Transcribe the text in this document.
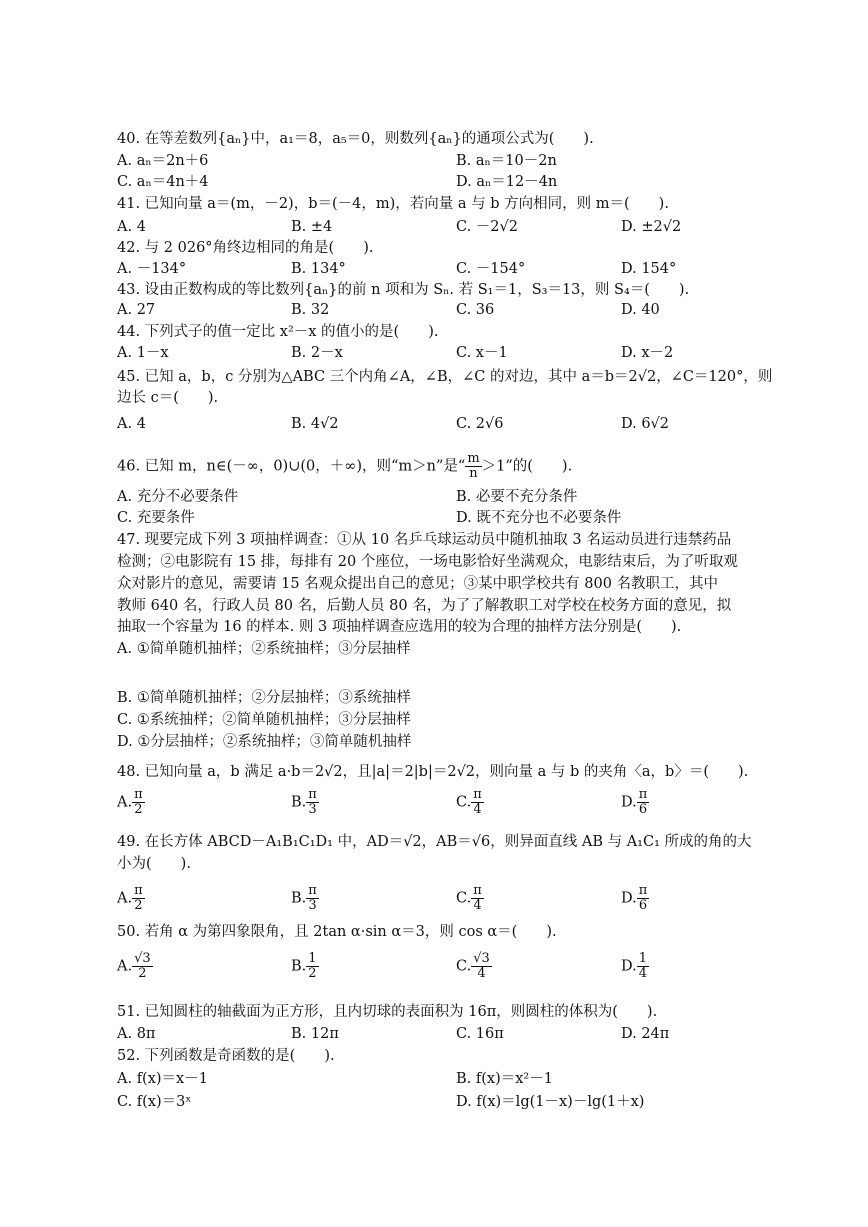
40. 在等差数列{aₙ}中，a₁＝8，a₅＝0，则数列{aₙ}的通项公式为(　　).
A. aₙ＝2n＋6	B. aₙ＝10－2n
C. aₙ＝4n＋4	D. aₙ＝12－4n
41. 已知向量 a＝(m，－2)，b＝(－4，m)，若向量 a 与 b 方向相同，则 m＝(　　).
A. 4	B. ±4	C. －2√2	D. ±2√2
42. 与 2 026°角终边相同的角是(　　).
A. －134°	B. 134°	C. －154°	D. 154°
43. 设由正数构成的等比数列{aₙ}的前 n 项和为 Sₙ. 若 S₁＝1，S₃＝13，则 S₄＝(　　).
A. 27	B. 32	C. 36	D. 40
44. 下列式子的值一定比 x²－x 的值小的是(　　).
A. 1－x	B. 2－x	C. x－1	D. x－2
45. 已知 a，b，c 分别为△ABC 三个内角∠A，∠B，∠C 的对边，其中 a＝b＝2√2，∠C＝120°，则
边长 c＝(　　).
A. 4	B. 4√2	C. 2√6	D. 6√2
46. 已知 m，n∈(－∞，0)∪(0，＋∞)，则“m＞n”是“ $\frac{m}{n} >1$”的(　　).
A. 充分不必要条件	B. 必要不充分条件
C. 充要条件	D. 既不充分也不必要条件
47. 现要完成下列 3 项抽样调查：①从 10 名乒乓球运动员中随机抽取 3 名运动员进行违禁药品
检测；②电影院有 15 排，每排有 20 个座位，一场电影恰好坐满观众，电影结束后，为了听取观
众对影片的意见，需要请 15 名观众提出自己的意见；③某中职学校共有 800 名教职工，其中
教师 640 名，行政人员 80 名，后勤人员 80 名，为了了解教职工对学校在校务方面的意见，拟
抽取一个容量为 16 的样本. 则 3 项抽样调查应选用的较为合理的抽样方法分别是(　　).
A. ①简单随机抽样；②系统抽样；③分层抽样
B. ①简单随机抽样；②分层抽样；③系统抽样
C. ①系统抽样；②简单随机抽样；③分层抽样
D. ①分层抽样；②系统抽样；③简单随机抽样
48. 已知向量 a，b 满足 a·b＝2√2，且|a|＝2|b|＝2√2，则向量 a 与 b 的夹角〈a，b〉＝(　　).
A. $\frac{\pi}{2}$	B. $\frac{\pi}{3}$	C. $\frac{\pi}{4}$	D. $\frac{\pi}{6}$
49. 在长方体 ABCD－A₁B₁C₁D₁ 中，AD＝√2，AB＝√6，则异面直线 AB 与 A₁C₁ 所成的角的大
小为(　　).
A. $\frac{\pi}{2}$	B. $\frac{\pi}{3}$	C. $\frac{\pi}{4}$	D. $\frac{\pi}{6}$
50. 若角 α 为第四象限角，且 2tan α·sin α＝3，则 cos α＝(　　).
A. $\frac{√3}{2}$	B. $\frac{1}{2}$	C. $\frac{√3}{4}$	D. $\frac{1}{4}$
51. 已知圆柱的轴截面为正方形，且内切球的表面积为 16π，则圆柱的体积为(　　).
A. 8π	B. 12π	C. 16π	D. 24π
52. 下列函数是奇函数的是(　　).
A. f(x)＝x－1	B. f(x)＝x²－1
C. f(x)＝3ˣ	D. f(x)＝lg(1－x)－lg(1＋x)
